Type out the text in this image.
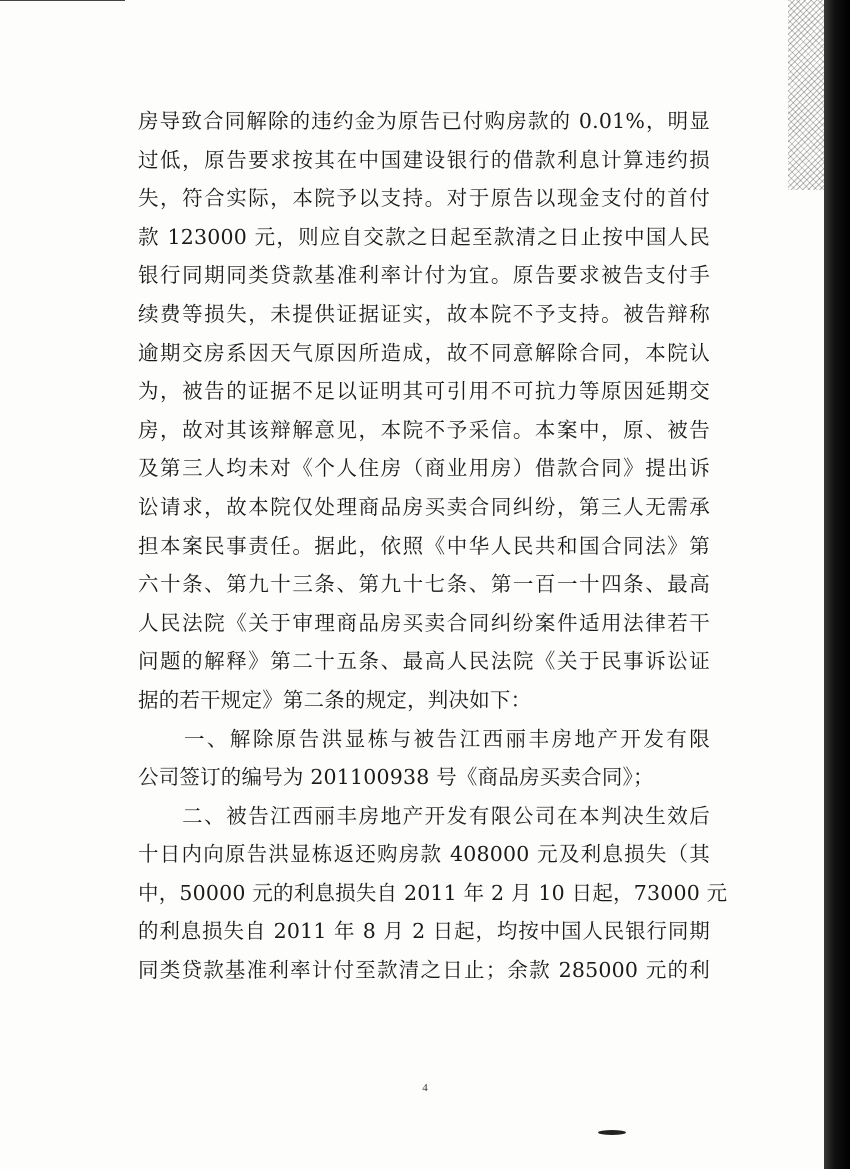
房导致合同解除的违约金为原告已付购房款的 0.01%，明显
过低，原告要求按其在中国建设银行的借款利息计算违约损
失，符合实际，本院予以支持。对于原告以现金支付的首付
款 123000 元，则应自交款之日起至款清之日止按中国人民
银行同期同类贷款基准利率计付为宜。原告要求被告支付手
续费等损失，未提供证据证实，故本院不予支持。被告辩称
逾期交房系因天气原因所造成，故不同意解除合同，本院认
为，被告的证据不足以证明其可引用不可抗力等原因延期交
房，故对其该辩解意见，本院不予采信。本案中，原、被告
及第三人均未对《个人住房（商业用房）借款合同》提出诉
讼请求，故本院仅处理商品房买卖合同纠纷，第三人无需承
担本案民事责任。据此，依照《中华人民共和国合同法》第
六十条、第九十三条、第九十七条、第一百一十四条、最高
人民法院《关于审理商品房买卖合同纠纷案件适用法律若干
问题的解释》第二十五条、最高人民法院《关于民事诉讼证
据的若干规定》第二条的规定，判决如下：
　　一、解除原告洪显栋与被告江西丽丰房地产开发有限
公司签订的编号为 201100938 号《商品房买卖合同》；
　　二、被告江西丽丰房地产开发有限公司在本判决生效后
十日内向原告洪显栋返还购房款 408000 元及利息损失（其
中，50000 元的利息损失自 2011 年 2 月 10 日起，73000 元
的利息损失自 2011 年 8 月 2 日起，均按中国人民银行同期
同类贷款基准利率计付至款清之日止；余款 285000 元的利
4
